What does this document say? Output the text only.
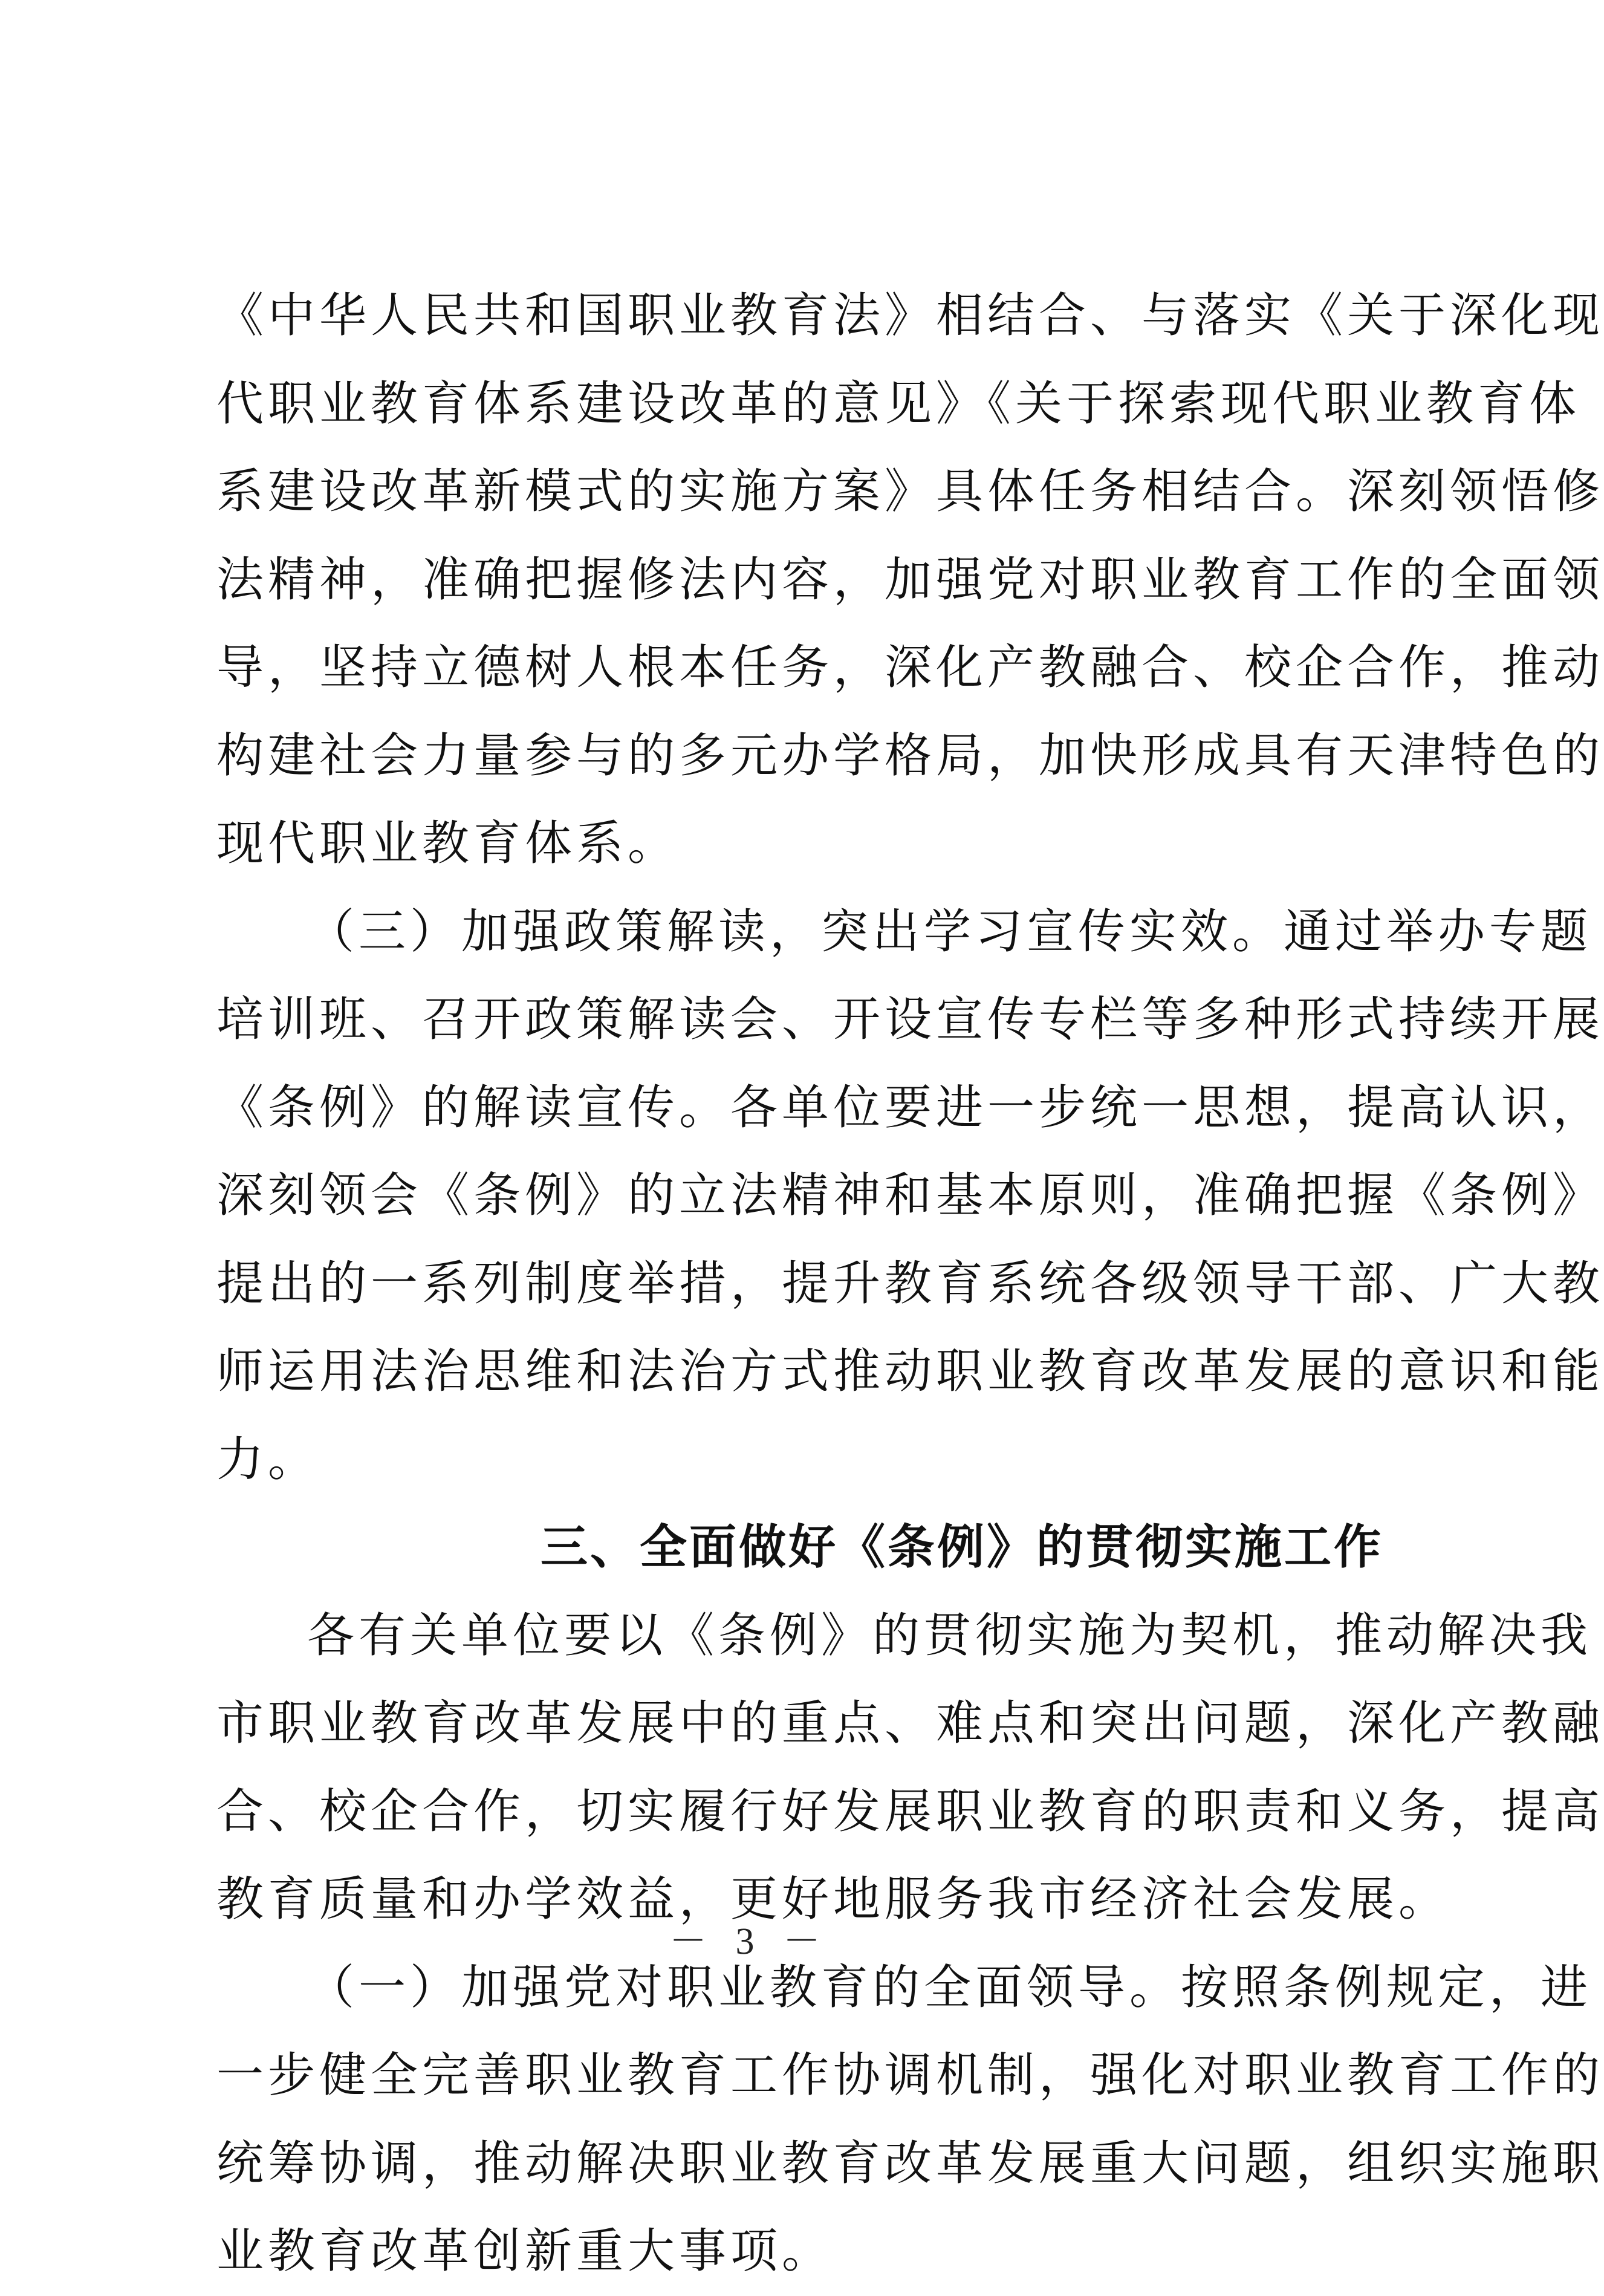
《中华人民共和国职业教育法》相结合、与落实《关于深化现
代职业教育体系建设改革的意见》《关于探索现代职业教育体
系建设改革新模式的实施方案》具体任务相结合。深刻领悟修
法精神，准确把握修法内容，加强党对职业教育工作的全面领
导，坚持立德树人根本任务，深化产教融合、校企合作，推动
构建社会力量参与的多元办学格局，加快形成具有天津特色的
现代职业教育体系。
（三）加强政策解读，突出学习宣传实效。通过举办专题
培训班、召开政策解读会、开设宣传专栏等多种形式持续开展
《条例》的解读宣传。各单位要进一步统一思想，提高认识，
深刻领会《条例》的立法精神和基本原则，准确把握《条例》
提出的一系列制度举措，提升教育系统各级领导干部、广大教
师运用法治思维和法治方式推动职业教育改革发展的意识和能
力。
三、全面做好《条例》的贯彻实施工作
各有关单位要以《条例》的贯彻实施为契机，推动解决我
市职业教育改革发展中的重点、难点和突出问题，深化产教融
合、校企合作，切实履行好发展职业教育的职责和义务，提高
教育质量和办学效益，更好地服务我市经济社会发展。
（一）加强党对职业教育的全面领导。按照条例规定，进
一步健全完善职业教育工作协调机制，强化对职业教育工作的
统筹协调，推动解决职业教育改革发展重大问题，组织实施职
业教育改革创新重大事项。
－ 3 －
